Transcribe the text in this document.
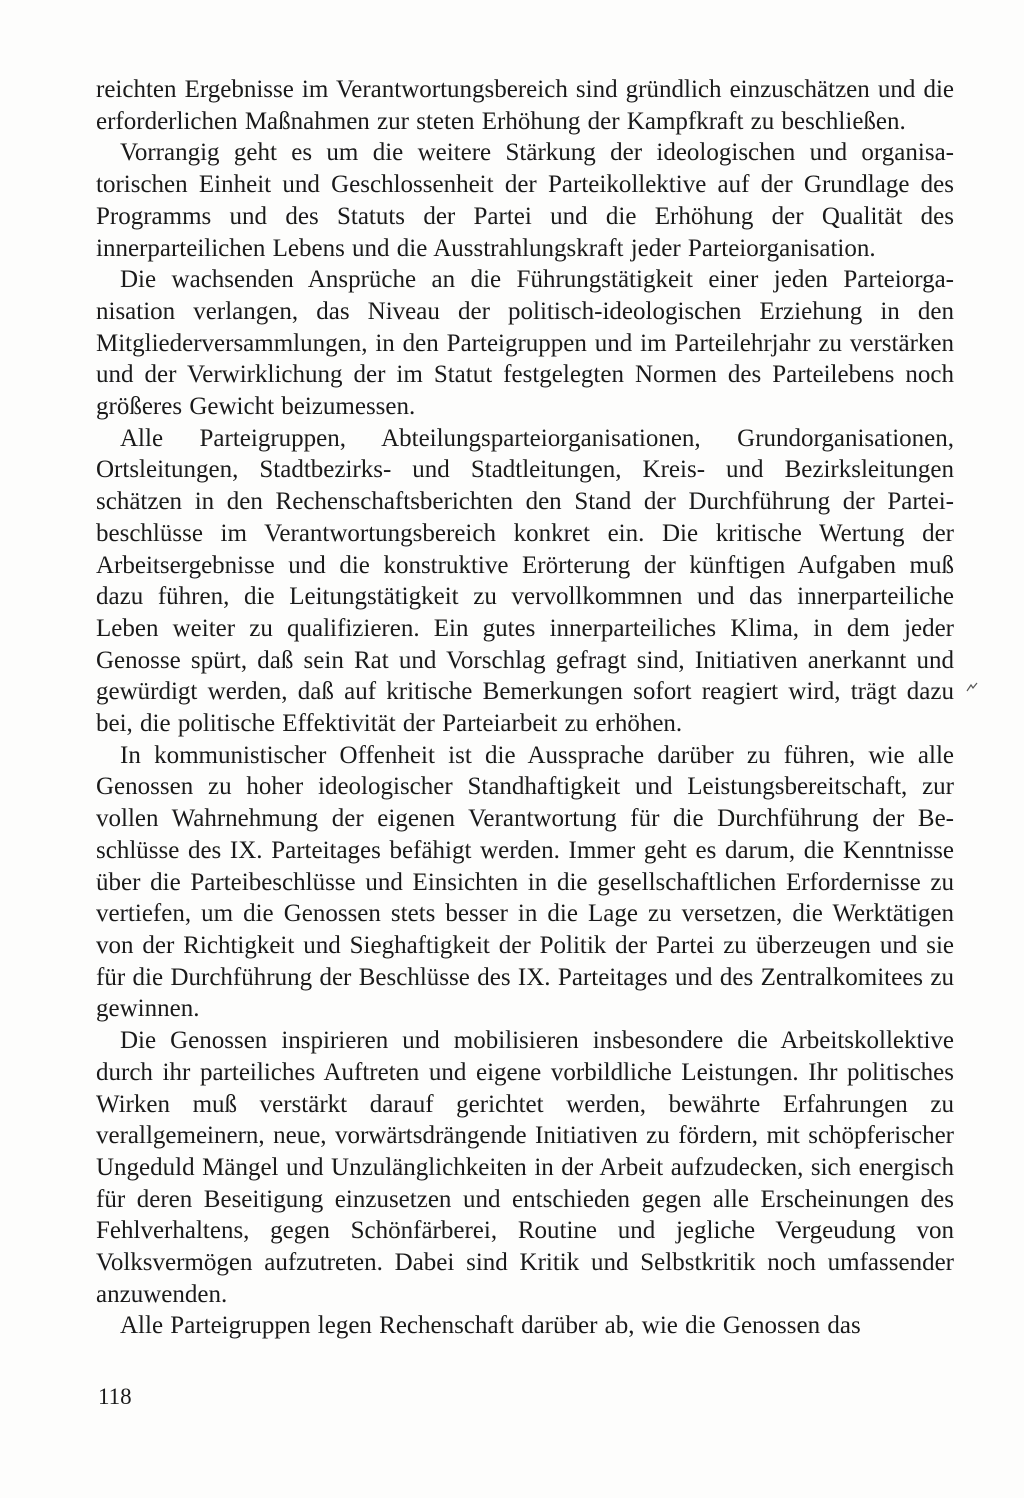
reichten Ergebnisse im Verantwortungsbereich sind gründlich einzuschätzen und die erforderlichen Maßnahmen zur steten Erhöhung der Kampfkraft zu beschließen.

Vorrangig geht es um die weitere Stärkung der ideologischen und organisatorischen Einheit und Geschlossenheit der Parteikollektive auf der Grundlage des Programms und des Statuts der Partei und die Erhöhung der Qualität des innerparteilichen Lebens und die Ausstrahlungskraft jeder Parteiorganisation.

Die wachsenden Ansprüche an die Führungstätigkeit einer jeden Parteiorganisation verlangen, das Niveau der politisch-ideologischen Erziehung in den Mitgliederversammlungen, in den Parteigruppen und im Parteilehrjahr zu verstärken und der Verwirklichung der im Statut festgelegten Normen des Parteilebens noch größeres Gewicht beizumessen.

Alle Parteigruppen, Abteilungsparteiorganisationen, Grundorganisationen, Ortsleitungen, Stadtbezirks- und Stadtleitungen, Kreis- und Bezirksleitungen schätzen in den Rechenschaftsberichten den Stand der Durchführung der Parteibeschlüsse im Verantwortungsbereich konkret ein. Die kritische Wertung der Arbeitsergebnisse und die konstruktive Erörterung der künftigen Aufgaben muß dazu führen, die Leitungstätigkeit zu vervollkommnen und das innerparteiliche Leben weiter zu qualifizieren. Ein gutes innerparteiliches Klima, in dem jeder Genosse spürt, daß sein Rat und Vorschlag gefragt sind, Initiativen anerkannt und gewürdigt werden, daß auf kritische Bemerkungen sofort reagiert wird, trägt dazu bei, die politische Effektivität der Parteiarbeit zu erhöhen.

In kommunistischer Offenheit ist die Aussprache darüber zu führen, wie alle Genossen zu hoher ideologischer Standhaftigkeit und Leistungsbereitschaft, zur vollen Wahrnehmung der eigenen Verantwortung für die Durchführung der Beschlüsse des IX. Parteitages befähigt werden. Immer geht es darum, die Kenntnisse über die Parteibeschlüsse und Einsichten in die gesellschaftlichen Erfordernisse zu vertiefen, um die Genossen stets besser in die Lage zu versetzen, die Werktätigen von der Richtigkeit und Sieghaftigkeit der Politik der Partei zu überzeugen und sie für die Durchführung der Beschlüsse des IX. Parteitages und des Zentralkomitees zu gewinnen.

Die Genossen inspirieren und mobilisieren insbesondere die Arbeitskollektive durch ihr parteiliches Auftreten und eigene vorbildliche Leistungen. Ihr politisches Wirken muß verstärkt darauf gerichtet werden, bewährte Erfahrungen zu verallgemeinern, neue, vorwärtsdrängende Initiativen zu fördern, mit schöpferischer Ungeduld Mängel und Unzulänglichkeiten in der Arbeit aufzudecken, sich energisch für deren Beseitigung einzusetzen und entschieden gegen alle Erscheinungen des Fehlverhaltens, gegen Schönfärberei, Routine und jegliche Vergeudung von Volksvermögen aufzutreten. Dabei sind Kritik und Selbstkritik noch umfassender anzuwenden.

Alle Parteigruppen legen Rechenschaft darüber ab, wie die Genossen das

118
